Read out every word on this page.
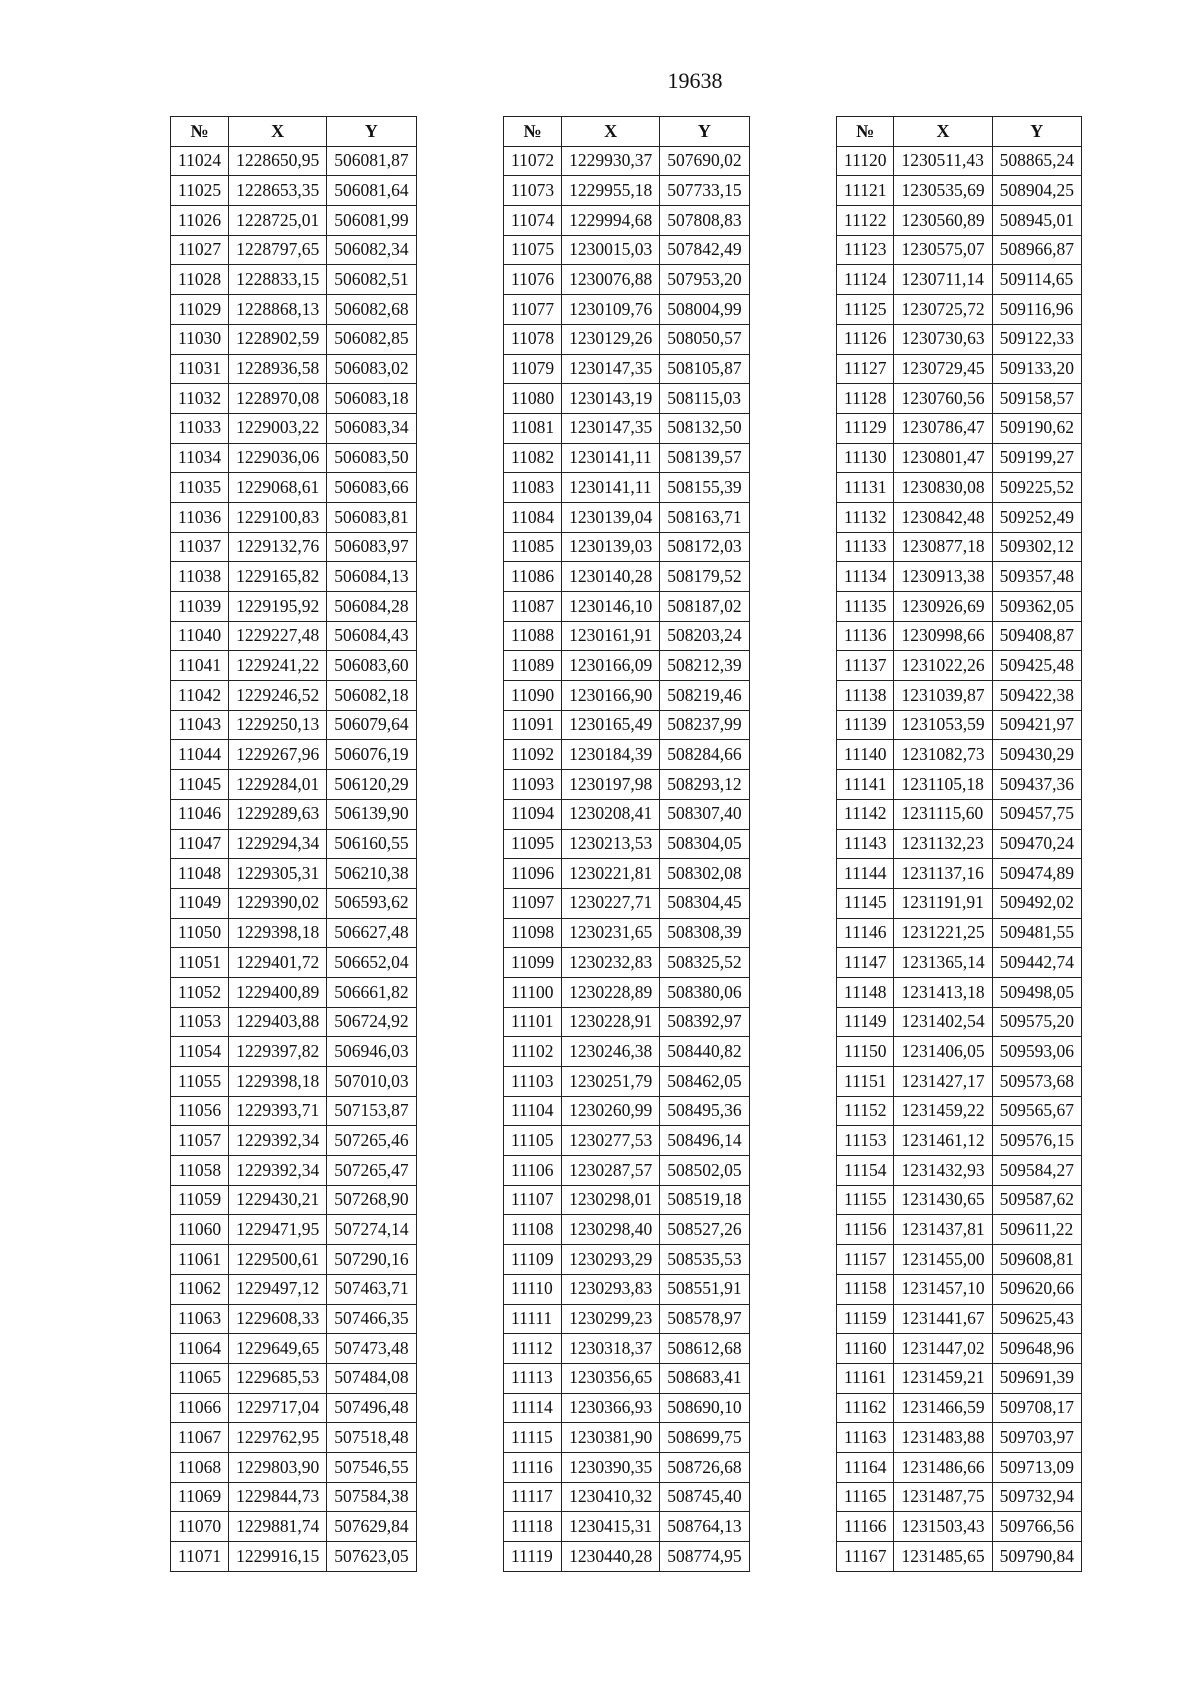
19638
№	X	Y
11024	1228650,95	506081,87
11025	1228653,35	506081,64
11026	1228725,01	506081,99
11027	1228797,65	506082,34
11028	1228833,15	506082,51
11029	1228868,13	506082,68
11030	1228902,59	506082,85
11031	1228936,58	506083,02
11032	1228970,08	506083,18
11033	1229003,22	506083,34
11034	1229036,06	506083,50
11035	1229068,61	506083,66
11036	1229100,83	506083,81
11037	1229132,76	506083,97
11038	1229165,82	506084,13
11039	1229195,92	506084,28
11040	1229227,48	506084,43
11041	1229241,22	506083,60
11042	1229246,52	506082,18
11043	1229250,13	506079,64
11044	1229267,96	506076,19
11045	1229284,01	506120,29
11046	1229289,63	506139,90
11047	1229294,34	506160,55
11048	1229305,31	506210,38
11049	1229390,02	506593,62
11050	1229398,18	506627,48
11051	1229401,72	506652,04
11052	1229400,89	506661,82
11053	1229403,88	506724,92
11054	1229397,82	506946,03
11055	1229398,18	507010,03
11056	1229393,71	507153,87
11057	1229392,34	507265,46
11058	1229392,34	507265,47
11059	1229430,21	507268,90
11060	1229471,95	507274,14
11061	1229500,61	507290,16
11062	1229497,12	507463,71
11063	1229608,33	507466,35
11064	1229649,65	507473,48
11065	1229685,53	507484,08
11066	1229717,04	507496,48
11067	1229762,95	507518,48
11068	1229803,90	507546,55
11069	1229844,73	507584,38
11070	1229881,74	507629,84
11071	1229916,15	507623,05
№	X	Y
11072	1229930,37	507690,02
11073	1229955,18	507733,15
11074	1229994,68	507808,83
11075	1230015,03	507842,49
11076	1230076,88	507953,20
11077	1230109,76	508004,99
11078	1230129,26	508050,57
11079	1230147,35	508105,87
11080	1230143,19	508115,03
11081	1230147,35	508132,50
11082	1230141,11	508139,57
11083	1230141,11	508155,39
11084	1230139,04	508163,71
11085	1230139,03	508172,03
11086	1230140,28	508179,52
11087	1230146,10	508187,02
11088	1230161,91	508203,24
11089	1230166,09	508212,39
11090	1230166,90	508219,46
11091	1230165,49	508237,99
11092	1230184,39	508284,66
11093	1230197,98	508293,12
11094	1230208,41	508307,40
11095	1230213,53	508304,05
11096	1230221,81	508302,08
11097	1230227,71	508304,45
11098	1230231,65	508308,39
11099	1230232,83	508325,52
11100	1230228,89	508380,06
11101	1230228,91	508392,97
11102	1230246,38	508440,82
11103	1230251,79	508462,05
11104	1230260,99	508495,36
11105	1230277,53	508496,14
11106	1230287,57	508502,05
11107	1230298,01	508519,18
11108	1230298,40	508527,26
11109	1230293,29	508535,53
11110	1230293,83	508551,91
11111	1230299,23	508578,97
11112	1230318,37	508612,68
11113	1230356,65	508683,41
11114	1230366,93	508690,10
11115	1230381,90	508699,75
11116	1230390,35	508726,68
11117	1230410,32	508745,40
11118	1230415,31	508764,13
11119	1230440,28	508774,95
№	X	Y
11120	1230511,43	508865,24
11121	1230535,69	508904,25
11122	1230560,89	508945,01
11123	1230575,07	508966,87
11124	1230711,14	509114,65
11125	1230725,72	509116,96
11126	1230730,63	509122,33
11127	1230729,45	509133,20
11128	1230760,56	509158,57
11129	1230786,47	509190,62
11130	1230801,47	509199,27
11131	1230830,08	509225,52
11132	1230842,48	509252,49
11133	1230877,18	509302,12
11134	1230913,38	509357,48
11135	1230926,69	509362,05
11136	1230998,66	509408,87
11137	1231022,26	509425,48
11138	1231039,87	509422,38
11139	1231053,59	509421,97
11140	1231082,73	509430,29
11141	1231105,18	509437,36
11142	1231115,60	509457,75
11143	1231132,23	509470,24
11144	1231137,16	509474,89
11145	1231191,91	509492,02
11146	1231221,25	509481,55
11147	1231365,14	509442,74
11148	1231413,18	509498,05
11149	1231402,54	509575,20
11150	1231406,05	509593,06
11151	1231427,17	509573,68
11152	1231459,22	509565,67
11153	1231461,12	509576,15
11154	1231432,93	509584,27
11155	1231430,65	509587,62
11156	1231437,81	509611,22
11157	1231455,00	509608,81
11158	1231457,10	509620,66
11159	1231441,67	509625,43
11160	1231447,02	509648,96
11161	1231459,21	509691,39
11162	1231466,59	509708,17
11163	1231483,88	509703,97
11164	1231486,66	509713,09
11165	1231487,75	509732,94
11166	1231503,43	509766,56
11167	1231485,65	509790,84
